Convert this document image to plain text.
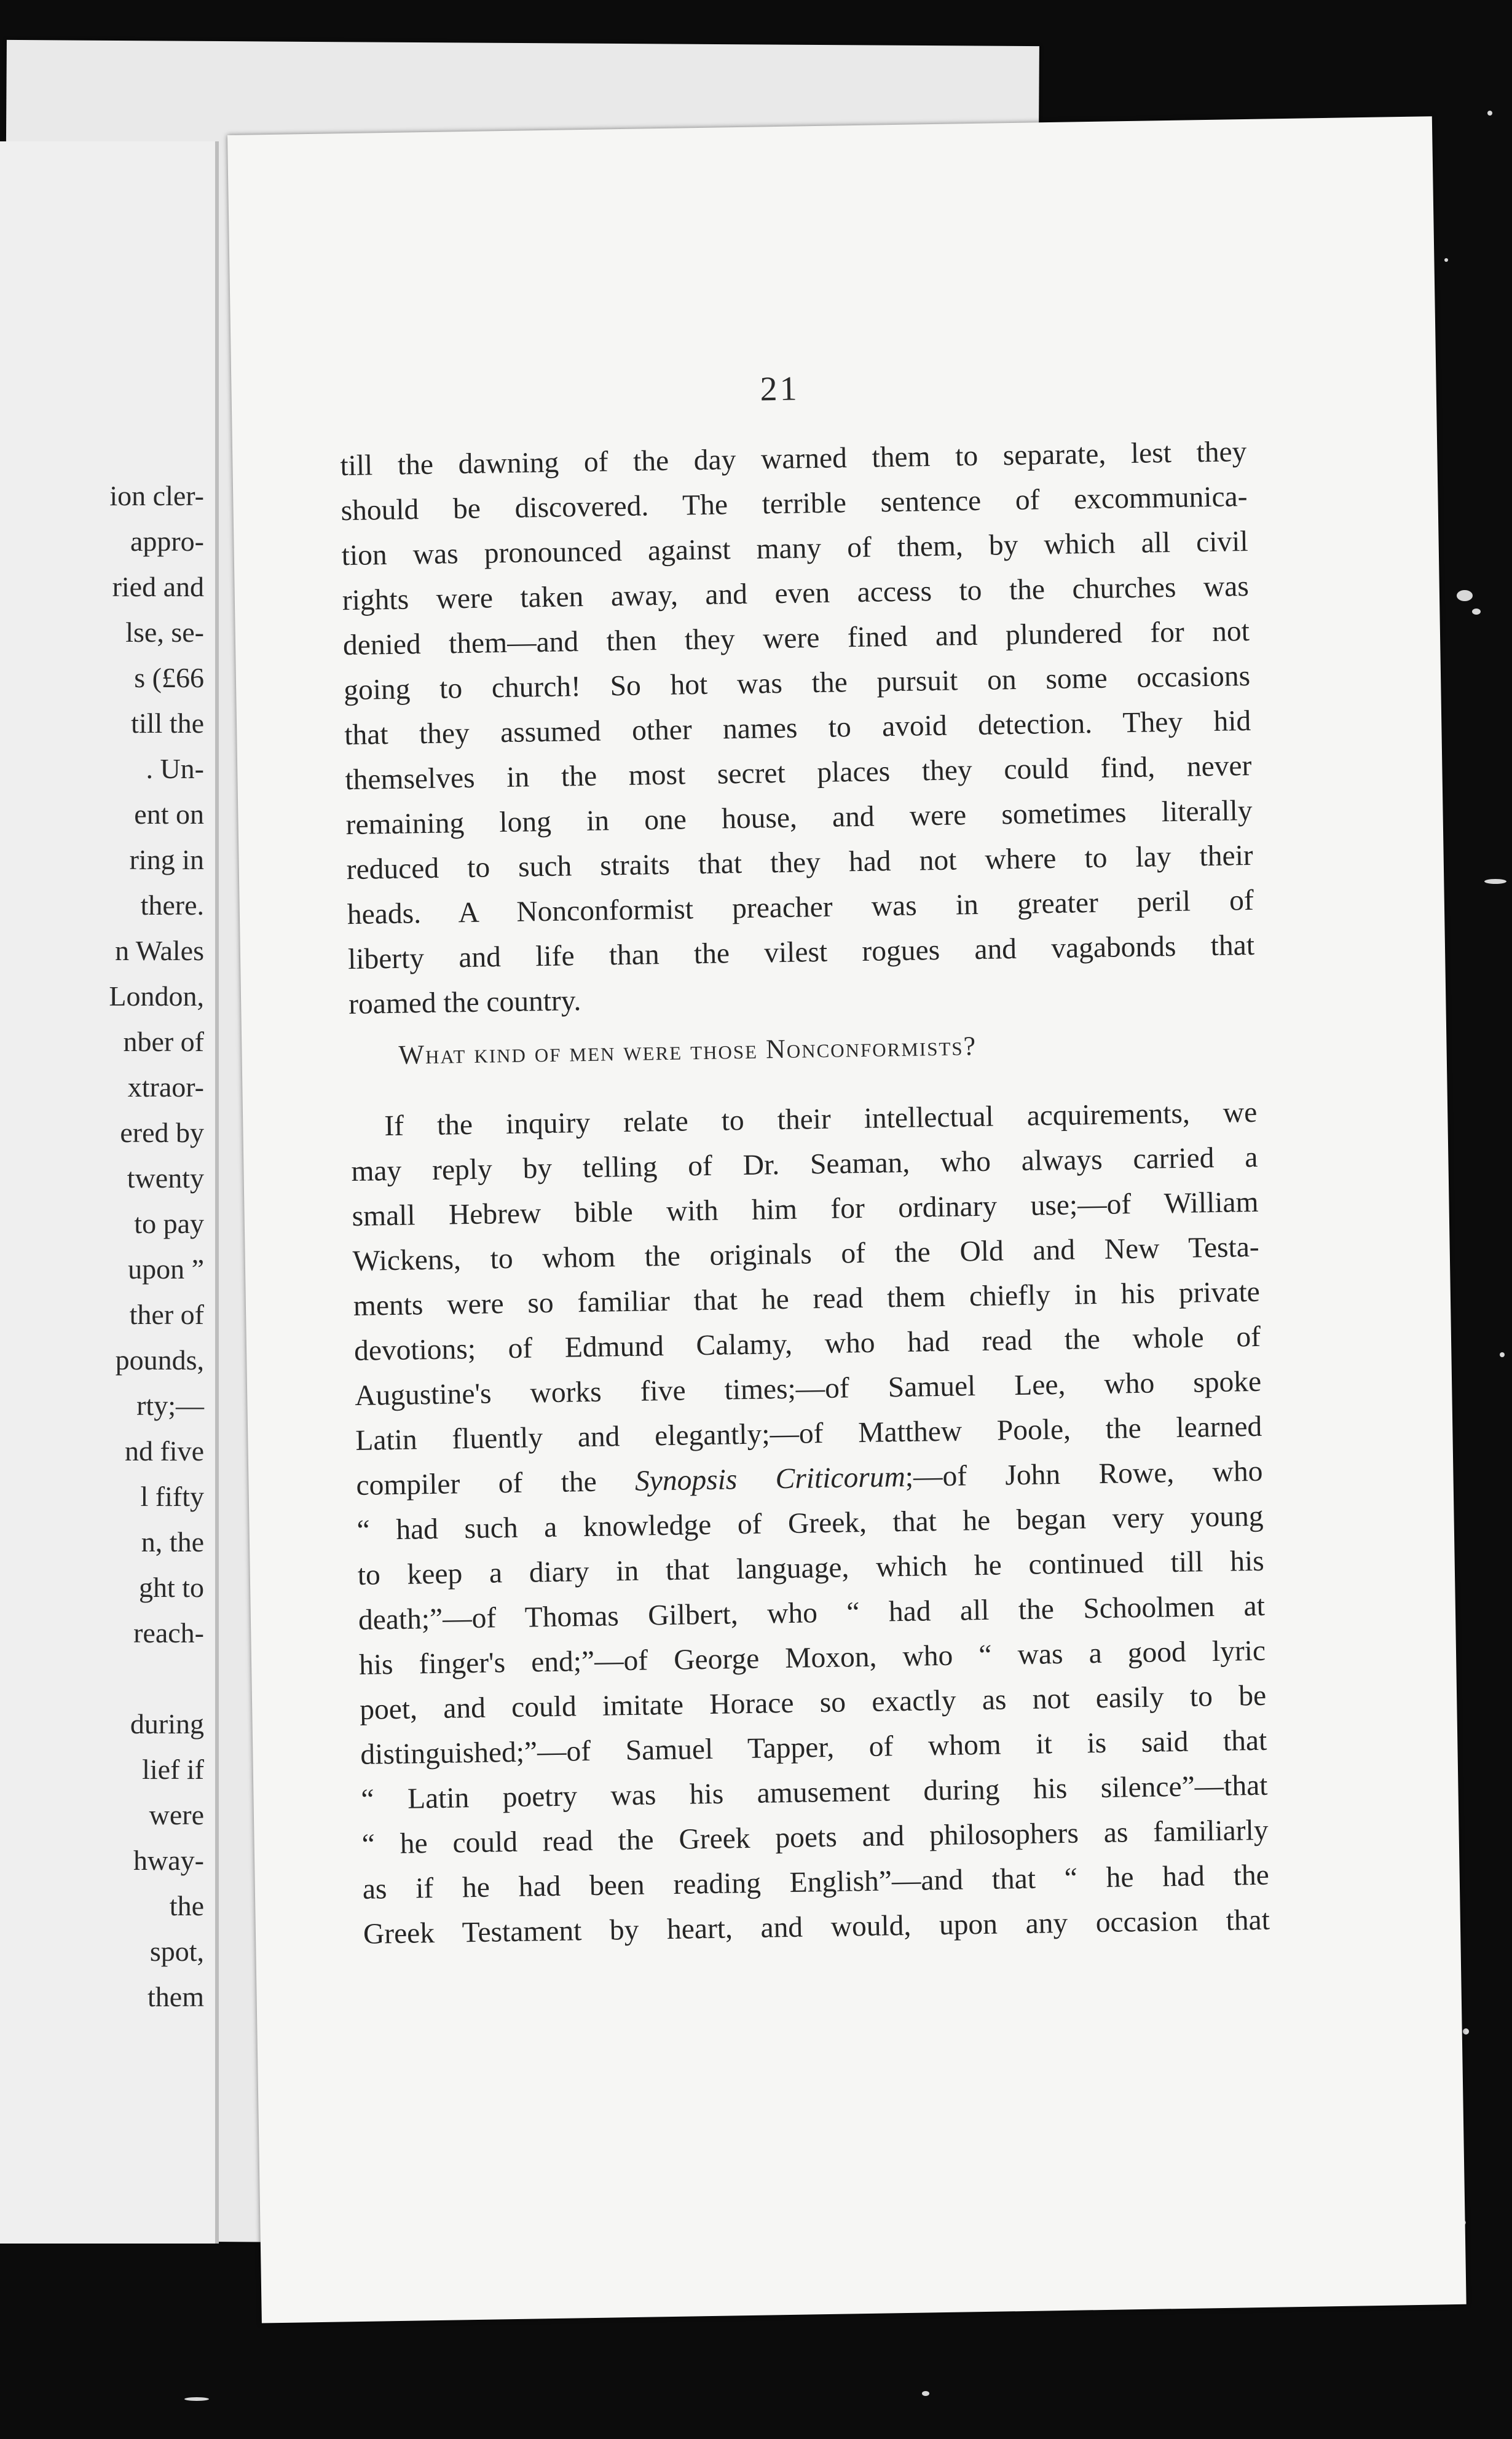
ion cler-
appro-
ried and
lse, se-
s (£66
till the
. Un-
ent on
ring in
there.
n Wales
London,
nber of
xtraor-
ered by
twenty
to pay
upon ”
ther of
pounds,
rty;—
nd five
l fifty
n, the
ght to
reach-
during
lief if
were
hway-
the
spot,
them
21
till the dawning of the day warned them to separate, lest they
should be discovered. The terrible sentence of excommunica-
tion was pronounced against many of them, by which all civil
rights were taken away, and even access to the churches was
denied them—and then they were fined and plundered for not
going to church! So hot was the pursuit on some occasions
that they assumed other names to avoid detection. They hid
themselves in the most secret places they could find, never
remaining long in one house, and were sometimes literally
reduced to such straits that they had not where to lay their
heads. A Nonconformist preacher was in greater peril of
liberty and life than the vilest rogues and vagabonds that
roamed the country.
What kind of men were those Nonconformists?
If the inquiry relate to their intellectual acquirements, we
may reply by telling of Dr. Seaman, who always carried a
small Hebrew bible with him for ordinary use;—of William
Wickens, to whom the originals of the Old and New Testa-
ments were so familiar that he read them chiefly in his private
devotions; of Edmund Calamy, who had read the whole of
Augustine's works five times;—of Samuel Lee, who spoke
Latin fluently and elegantly;—of Matthew Poole, the learned
compiler of the Synopsis Criticorum;—of John Rowe, who
“ had such a knowledge of Greek, that he began very young
to keep a diary in that language, which he continued till his
death;”—of Thomas Gilbert, who “ had all the Schoolmen at
his finger's end;”—of George Moxon, who “ was a good lyric
poet, and could imitate Horace so exactly as not easily to be
distinguished;”—of Samuel Tapper, of whom it is said that
“ Latin poetry was his amusement during his silence”—that
“ he could read the Greek poets and philosophers as familiarly
as if he had been reading English”—and that “ he had the
Greek Testament by heart, and would, upon any occasion that
